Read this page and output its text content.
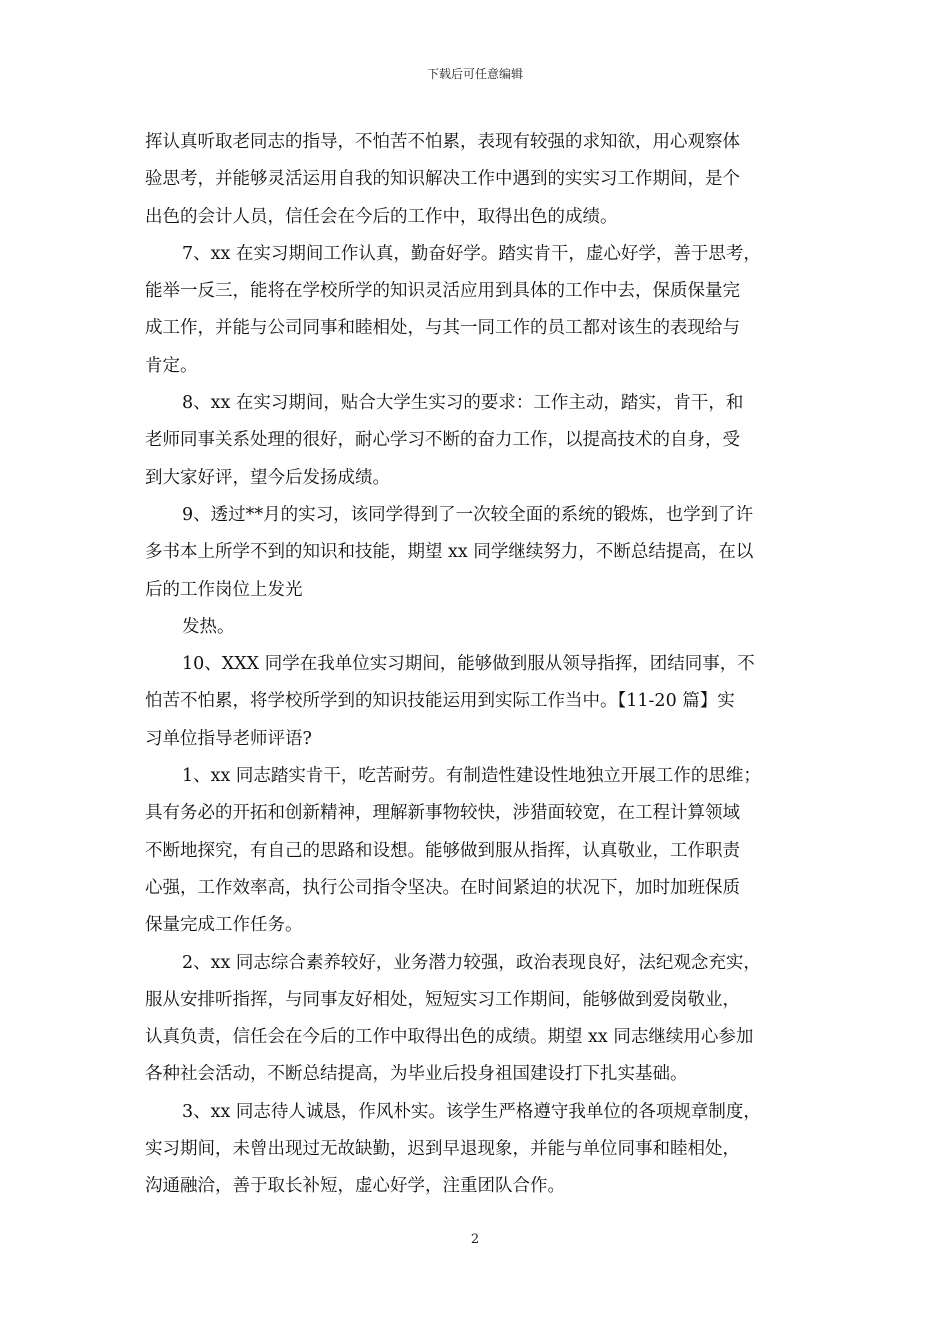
下载后可任意编辑
挥认真听取老同志的指导，不怕苦不怕累，表现有较强的求知欲，用心观察体
验思考，并能够灵活运用自我的知识解决工作中遇到的实实习工作期间，是个
出色的会计人员，信任会在今后的工作中，取得出色的成绩。
7、xx 在实习期间工作认真，勤奋好学。踏实肯干，虚心好学，善于思考，
能举一反三，能将在学校所学的知识灵活应用到具体的工作中去，保质保量完
成工作，并能与公司同事和睦相处，与其一同工作的员工都对该生的表现给与
肯定。
8、xx 在实习期间，贴合大学生实习的要求：工作主动，踏实，肯干，和
老师同事关系处理的很好，耐心学习不断的奋力工作，以提高技术的自身，受
到大家好评，望今后发扬成绩。
9、透过**月的实习，该同学得到了一次较全面的系统的锻炼，也学到了许
多书本上所学不到的知识和技能，期望 xx 同学继续努力，不断总结提高，在以
后的工作岗位上发光
发热。
10、XXX 同学在我单位实习期间，能够做到服从领导指挥，团结同事，不
怕苦不怕累，将学校所学到的知识技能运用到实际工作当中。【11-20 篇】实
习单位指导老师评语?
1、xx 同志踏实肯干，吃苦耐劳。有制造性建设性地独立开展工作的思维；
具有务必的开拓和创新精神，理解新事物较快，涉猎面较宽，在工程计算领域
不断地探究，有自己的思路和设想。能够做到服从指挥，认真敬业，工作职责
心强，工作效率高，执行公司指令坚决。在时间紧迫的状况下，加时加班保质
保量完成工作任务。
2、xx 同志综合素养较好，业务潜力较强，政治表现良好，法纪观念充实，
服从安排听指挥，与同事友好相处，短短实习工作期间，能够做到爱岗敬业，
认真负责，信任会在今后的工作中取得出色的成绩。期望 xx 同志继续用心参加
各种社会活动，不断总结提高，为毕业后投身祖国建设打下扎实基础。
3、xx 同志待人诚恳，作风朴实。该学生严格遵守我单位的各项规章制度，
实习期间，未曾出现过无故缺勤，迟到早退现象，并能与单位同事和睦相处，
沟通融洽，善于取长补短，虚心好学，注重团队合作。
2
